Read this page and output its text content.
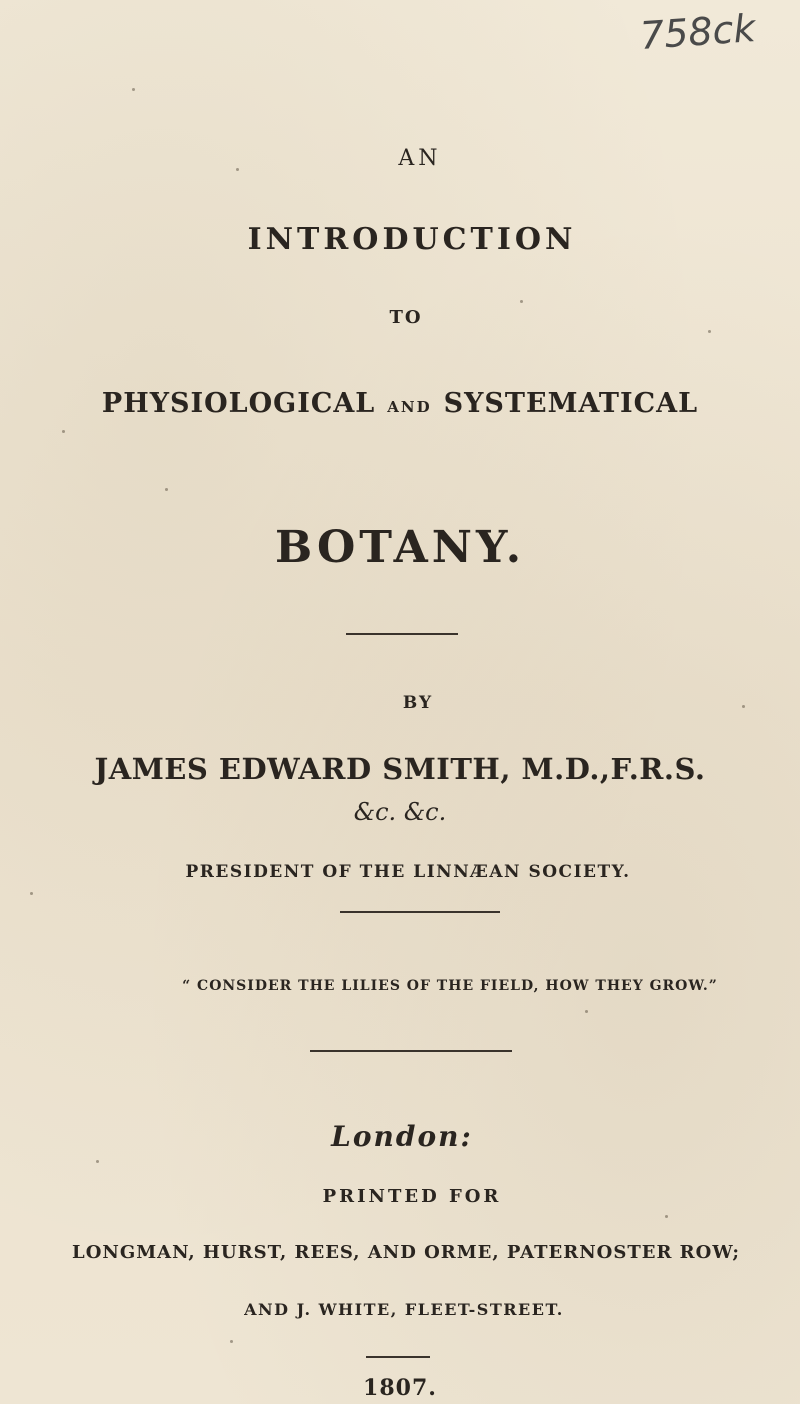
758ck
AN
INTRODUCTION
TO
PHYSIOLOGICAL AND SYSTEMATICAL
BOTANY.
BY
JAMES EDWARD SMITH, M.D.,F.R.S.
&c. &c.
PRESIDENT OF THE LINNÆAN SOCIETY.
“ CONSIDER THE LILIES OF THE FIELD, HOW THEY GROW.”
London:
PRINTED FOR
LONGMAN, HURST, REES, AND ORME, PATERNOSTER ROW;
AND J. WHITE, FLEET-STREET.
1807.
